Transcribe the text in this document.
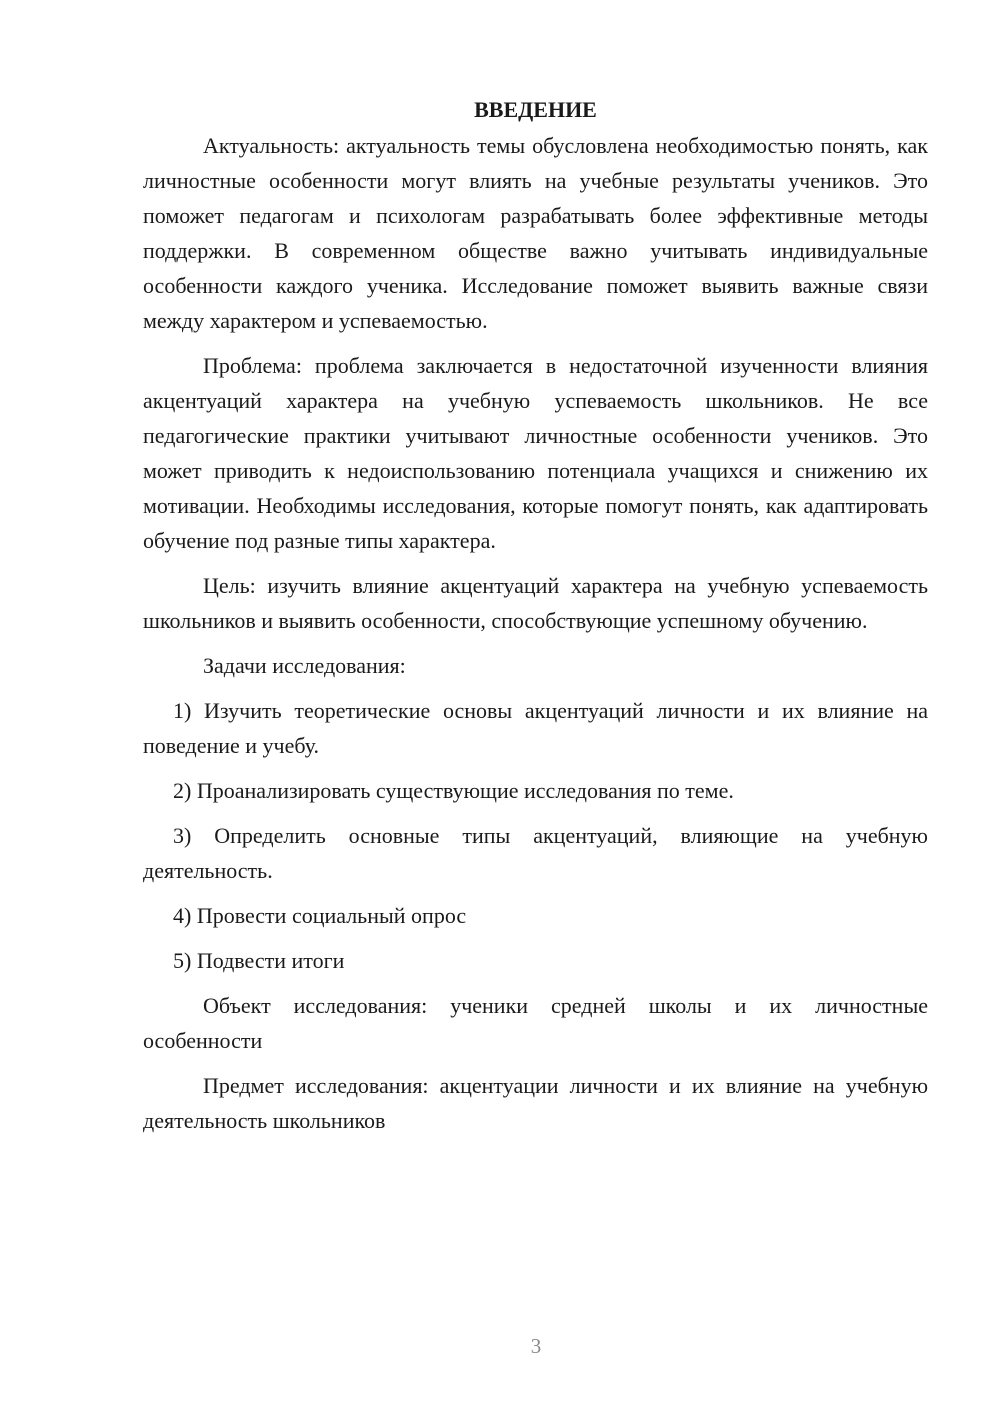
ВВЕДЕНИЕ

Актуальность: актуальность темы обусловлена необходимостью понять, как личностные особенности могут влиять на учебные результаты учеников. Это поможет педагогам и психологам разрабатывать более эффективные методы поддержки. В современном обществе важно учитывать индивидуальные особенности каждого ученика. Исследование поможет выявить важные связи между характером и успеваемостью.

Проблема: проблема заключается в недостаточной изученности влияния акцентуаций характера на учебную успеваемость школьников. Не все педагогические практики учитывают личностные особенности учеников. Это может приводить к недоиспользованию потенциала учащихся и снижению их мотивации. Необходимы исследования, которые помогут понять, как адаптировать обучение под разные типы характера.

Цель: изучить влияние акцентуаций характера на учебную успеваемость школьников и выявить особенности, способствующие успешному обучению.

Задачи исследования:

1) Изучить теоретические основы акцентуаций личности и их влияние на поведение и учебу.

2) Проанализировать существующие исследования по теме.

3) Определить основные типы акцентуаций, влияющие на учебную деятельность.

4) Провести социальный опрос

5) Подвести итоги

Объект исследования: ученики средней школы и их личностные особенности

Предмет исследования: акцентуации личности и их влияние на учебную деятельность школьников

3
